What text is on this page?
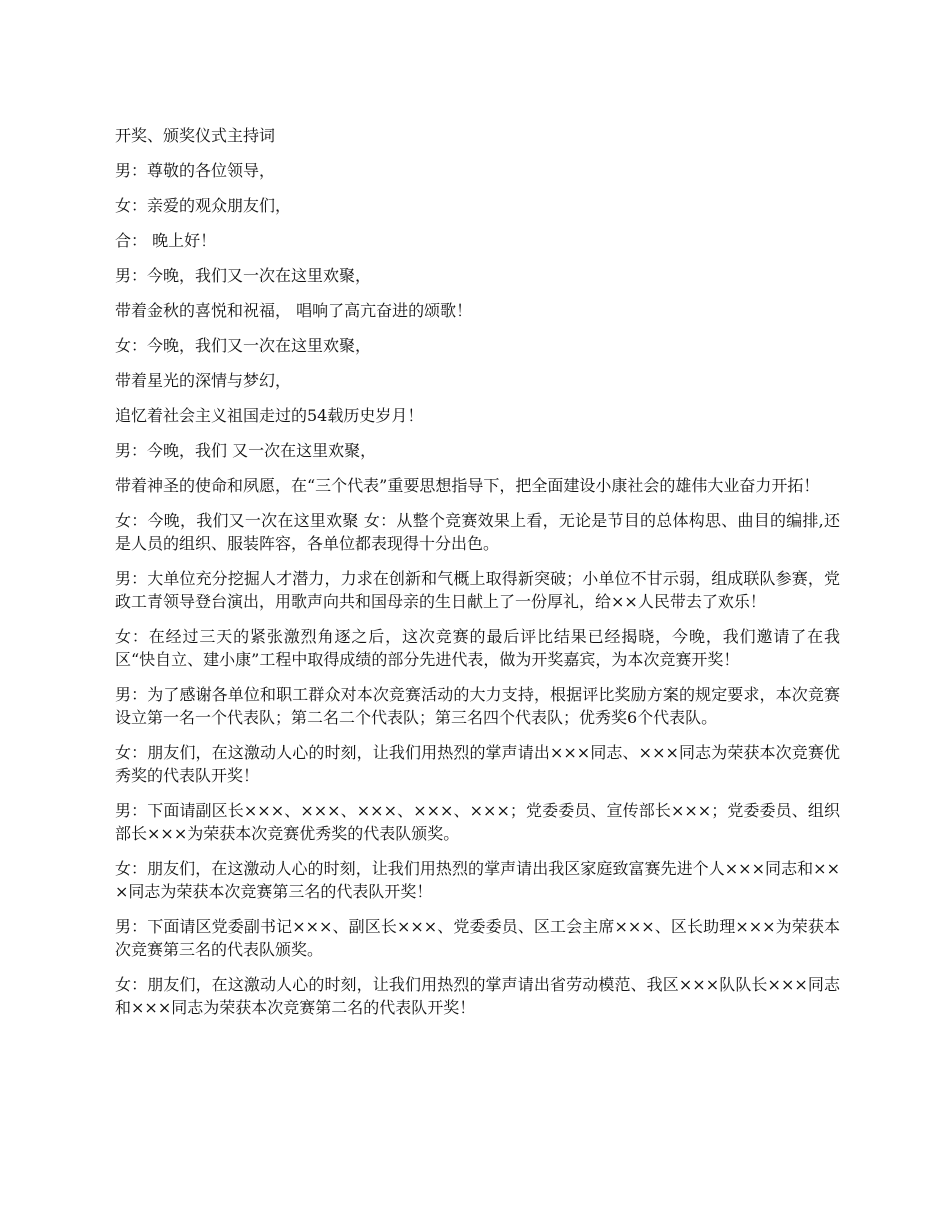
开奖、颁奖仪式主持词

男：尊敬的各位领导，

女：亲爱的观众朋友们，

合： 晚上好！

男：今晚，我们又一次在这里欢聚，

带着金秋的喜悦和祝福， 唱响了高亢奋进的颂歌！

女：今晚，我们又一次在这里欢聚，

带着星光的深情与梦幻，

追忆着社会主义祖国走过的54载历史岁月！

男：今晚，我们 又一次在这里欢聚，

带着神圣的使命和夙愿，在“三个代表”重要思想指导下，把全面建设小康社会的雄伟大业奋力开拓！

女：今晚，我们又一次在这里欢聚 女：从整个竞赛效果上看，无论是节目的总体构思、曲目的编排,还是人员的组织、服装阵容，各单位都表现得十分出色。

男：大单位充分挖掘人才潜力，力求在创新和气概上取得新突破；小单位不甘示弱，组成联队参赛，党政工青领导登台演出，用歌声向共和国母亲的生日献上了一份厚礼，给××人民带去了欢乐！

女：在经过三天的紧张激烈角逐之后，这次竞赛的最后评比结果已经揭晓，今晚，我们邀请了在我区“快自立、建小康”工程中取得成绩的部分先进代表，做为开奖嘉宾，为本次竞赛开奖！

男：为了感谢各单位和职工群众对本次竞赛活动的大力支持，根据评比奖励方案的规定要求，本次竞赛设立第一名一个代表队；第二名二个代表队；第三名四个代表队；优秀奖6个代表队。

女：朋友们，在这激动人心的时刻，让我们用热烈的掌声请出×××同志、×××同志为荣获本次竞赛优秀奖的代表队开奖！

男：下面请副区长×××、×××、×××、×××、×××；党委委员、宣传部长×××；党委委员、组织部长×××为荣获本次竞赛优秀奖的代表队颁奖。

女：朋友们，在这激动人心的时刻，让我们用热烈的掌声请出我区家庭致富赛先进个人×××同志和×××同志为荣获本次竞赛第三名的代表队开奖！

男：下面请区党委副书记×××、副区长×××、党委委员、区工会主席×××、区长助理×××为荣获本次竞赛第三名的代表队颁奖。

女：朋友们，在这激动人心的时刻，让我们用热烈的掌声请出省劳动模范、我区×××队队长×××同志和×××同志为荣获本次竞赛第二名的代表队开奖！
